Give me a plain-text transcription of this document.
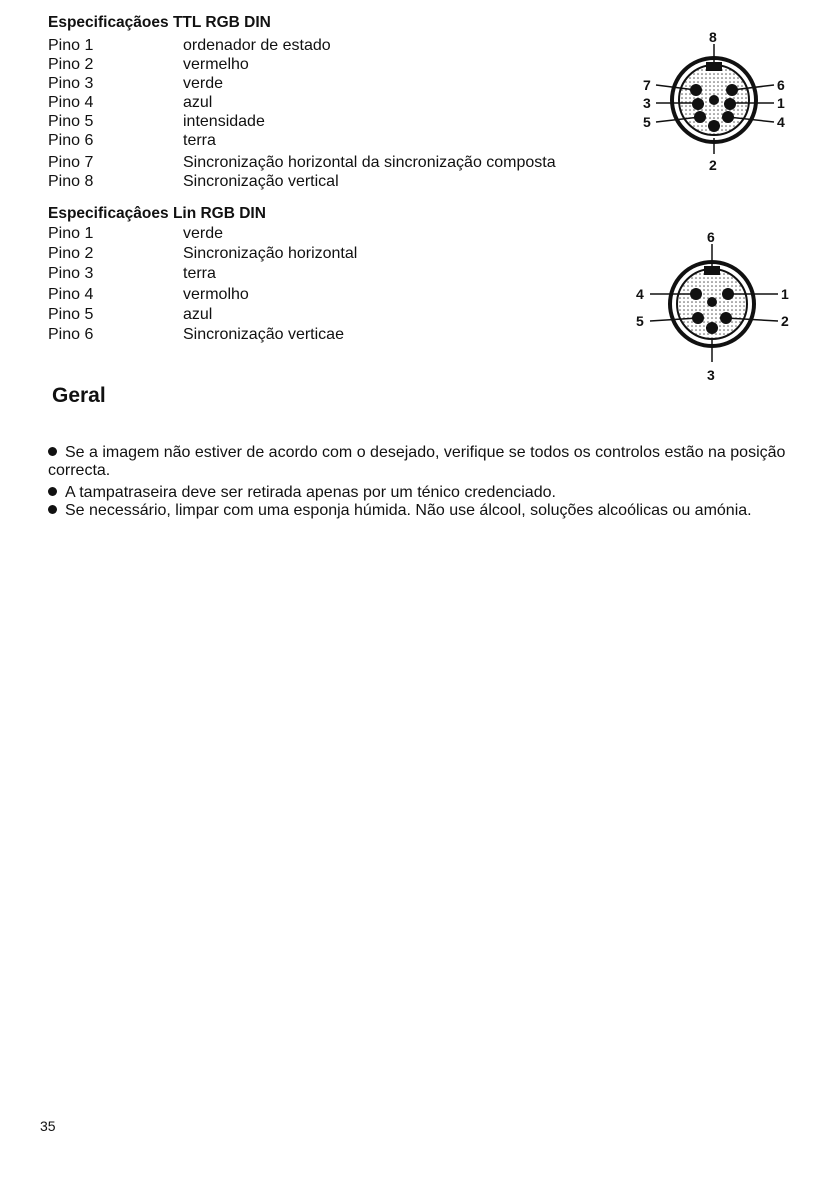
Especificaçãoes TTL RGB DIN
Pino 1	ordenador de estado
Pino 2	vermelho
Pino 3	verde
Pino 4	azul
Pino 5	intensidade
Pino 6	terra
Pino 7	Sincronização horizontal da sincronização composta
Pino 8	Sincronização vertical
8
7
3
5
6
1
4
2
Especificaçâoes Lin RGB DIN
Pino 1	verde
Pino 2	Sincronização horizontal
Pino 3	terra
Pino 4	vermolho
Pino 5	azul
Pino 6	Sincronização verticae
6
4
5
1
2
3
Geral
Se a imagem não estiver de acordo com o desejado, verifique se todos os controlos estão na posição correcta.
A tampatraseira deve ser retirada apenas por um ténico credenciado.
Se necessário, limpar com uma esponja húmida. Não use álcool, soluções alcoólicas ou amónia.
35
